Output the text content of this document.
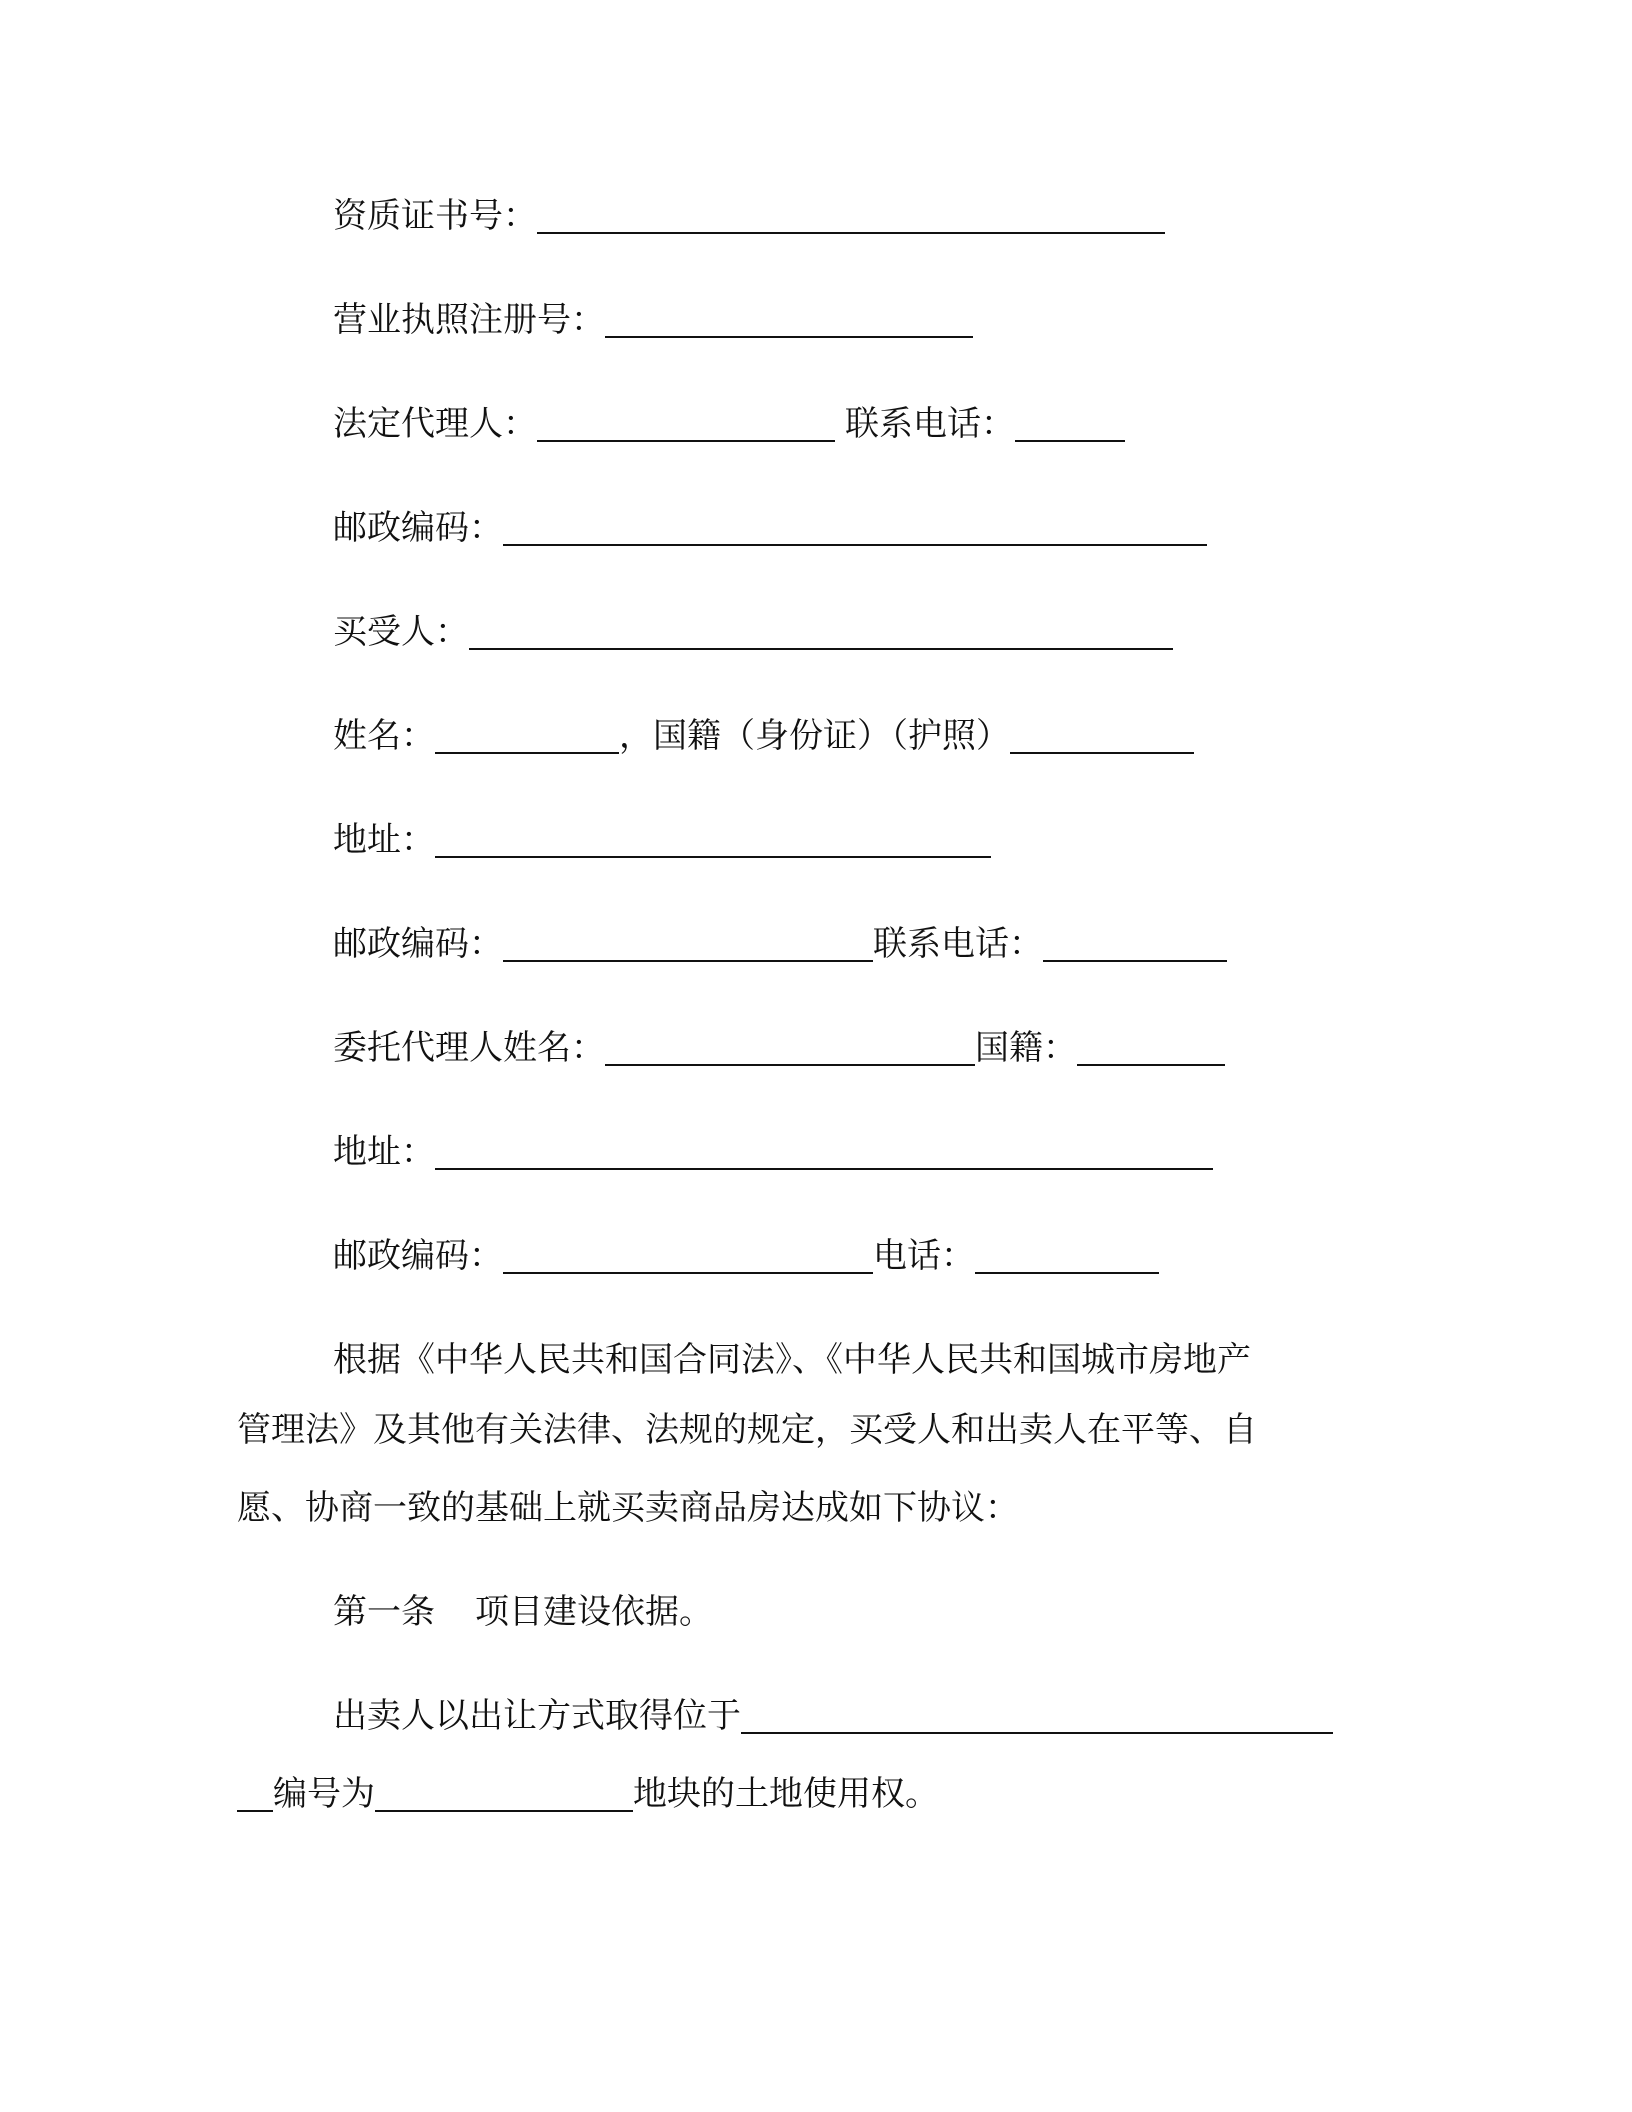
资质证书号：
营业执照注册号：
法定代理人：	联系电话：
邮政编码：
买受人：
姓名：	，国籍（身份证）（护照）
地址：
邮政编码：	联系电话：
委托代理人姓名：	国籍：
地址：
邮政编码：	电话：
根据《中华人民共和国合同法》、《中华人民共和国城市房地产
管理法》及其他有关法律、法规的规定，买受人和出卖人在平等、自
愿、协商一致的基础上就买卖商品房达成如下协议：
第一条 项目建设依据。
出卖人以出让方式取得位于
编号为	地块的土地使用权。
